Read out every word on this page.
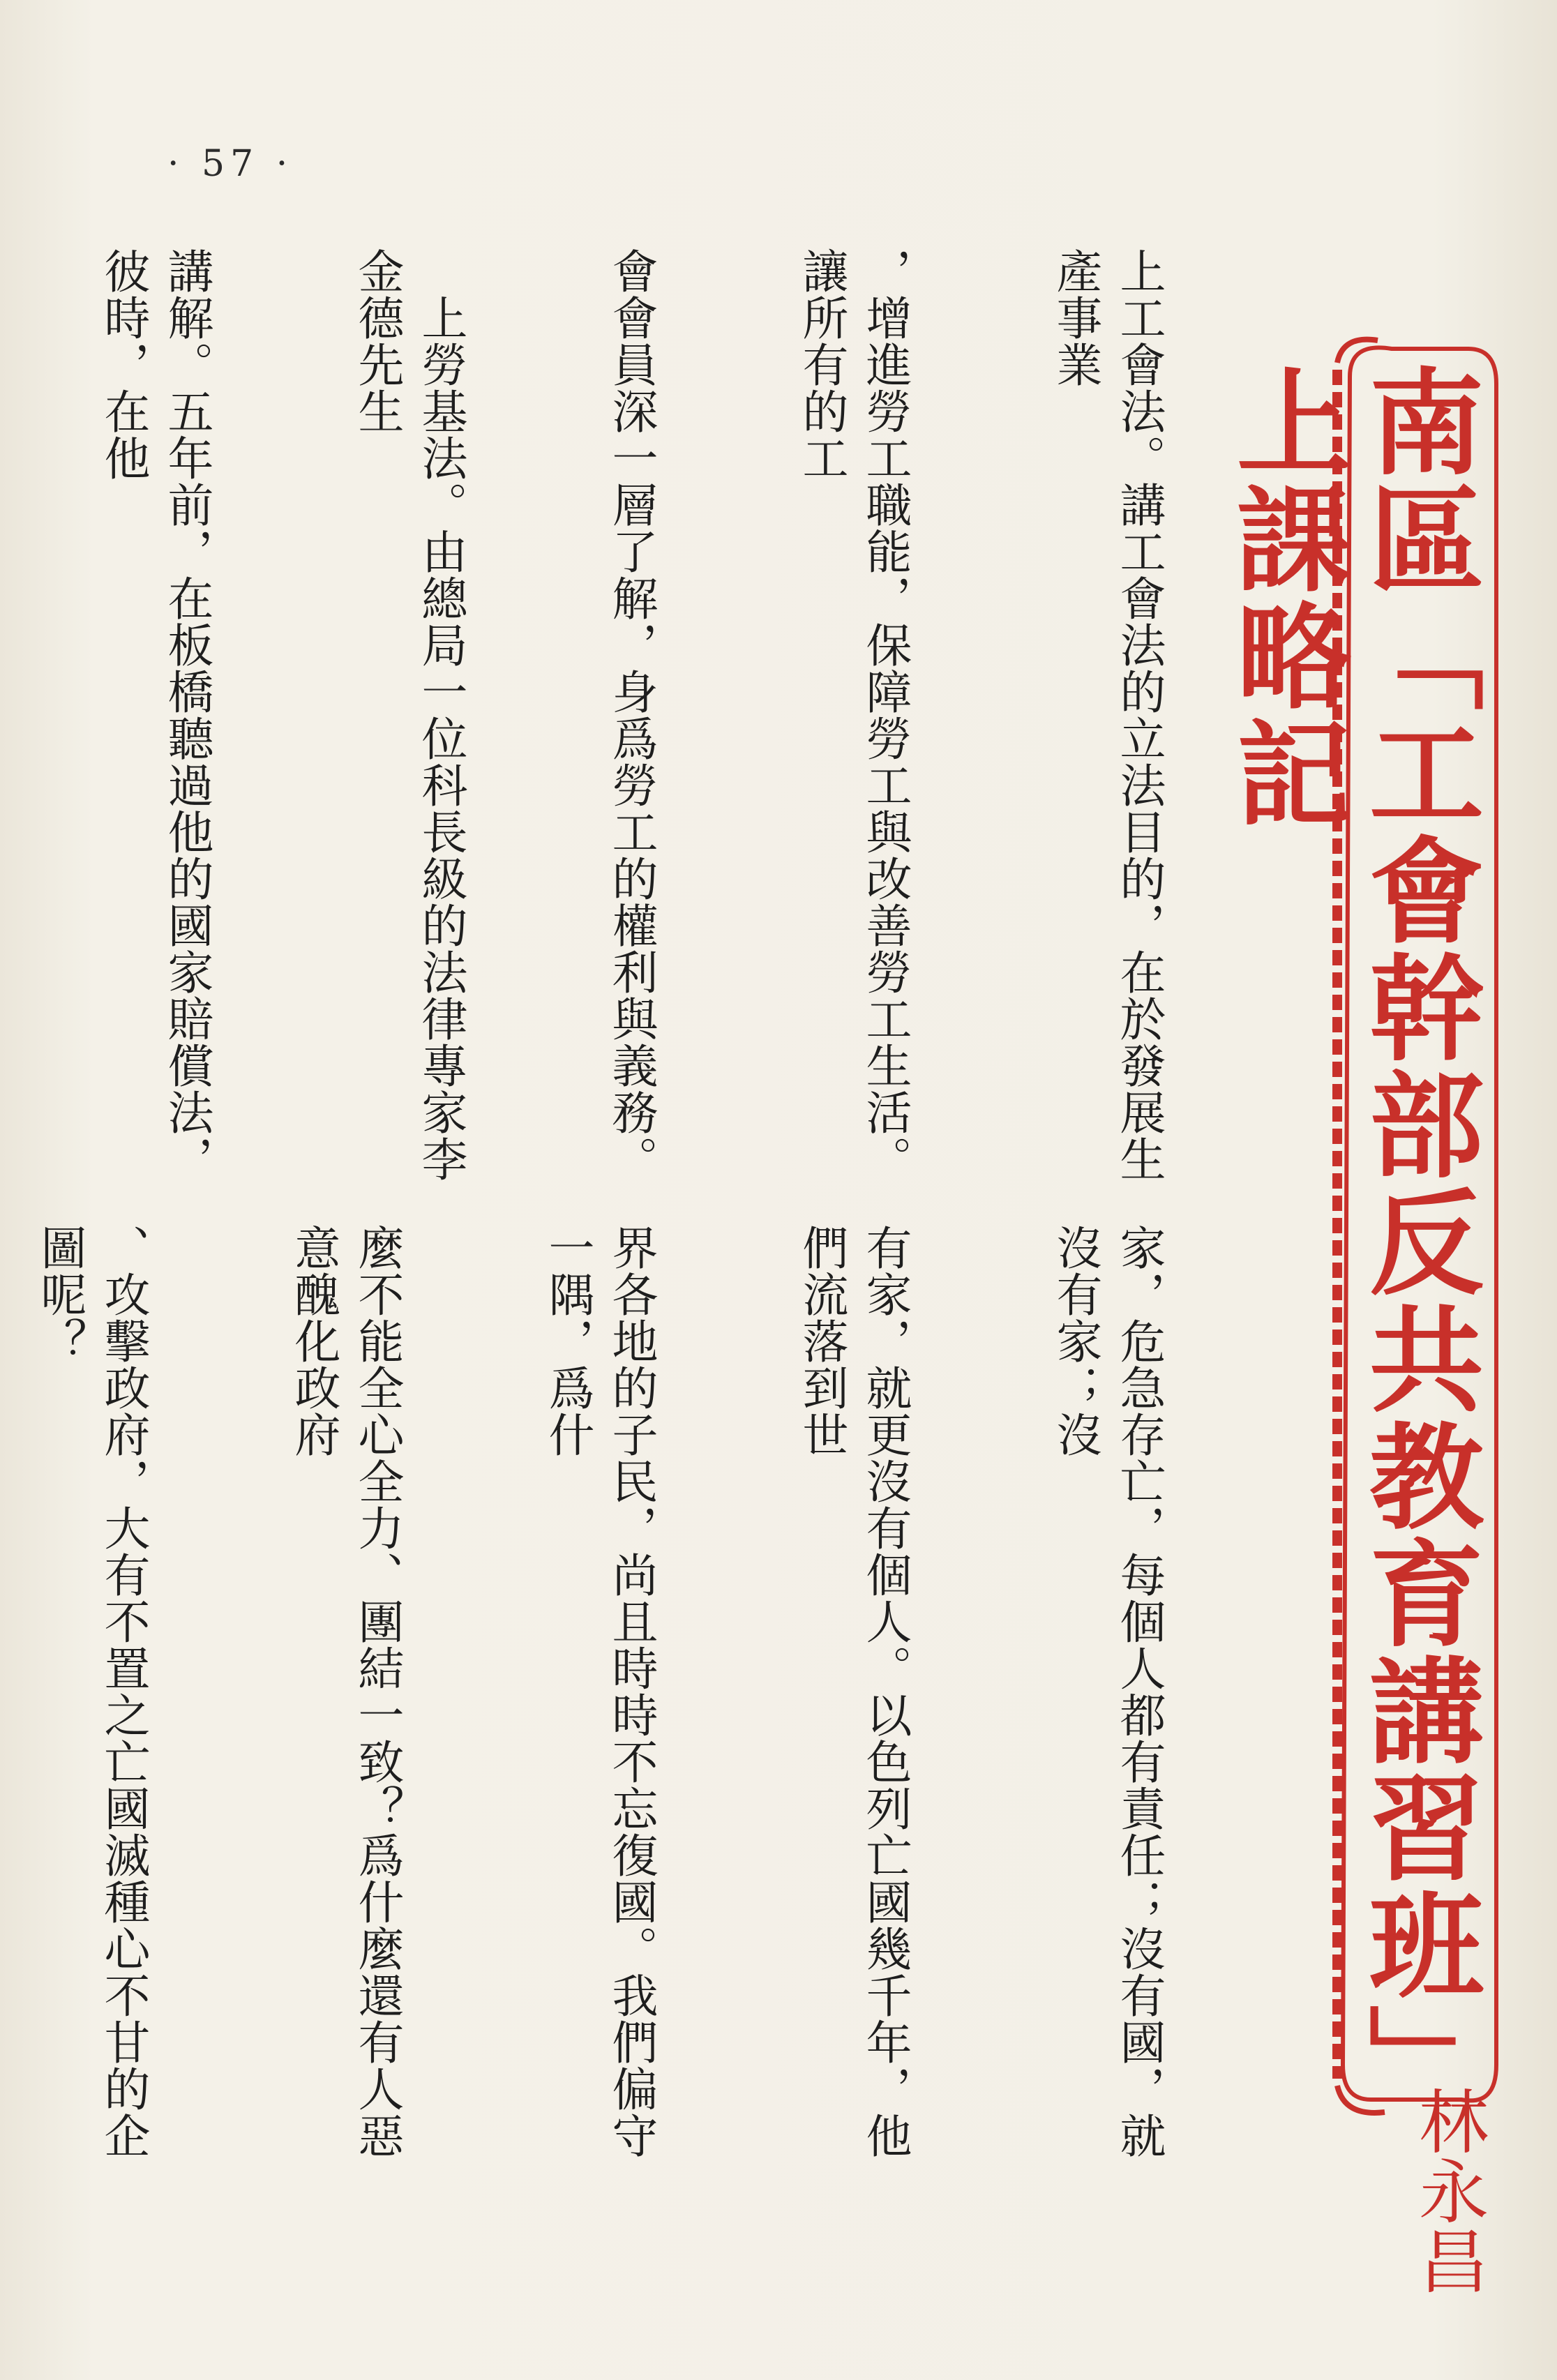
· 57 ·
南區「工會幹部反共教育講習班」上課略記
林永昌

上工會法。講工會法的立法目的，在於發展生產事業

，增進勞工職能，保障勞工與改善勞工生活。讓所有的工

會會員深一層了解，身爲勞工的權利與義務。

　上勞基法。由總局一位科長級的法律專家李金德先生

講解。五年前，在板橋聽過他的國家賠償法，彼時，在他

家，危急存亡，每個人都有責任；沒有國，就沒有家；沒

有家，就更沒有個人。以色列亡國幾千年，他們流落到世

界各地的子民，尚且時時不忘復國。我們偏守一隅，爲什

麼不能全心全力、團結一致？爲什麼還有人惡意醜化政府

、攻擊政府，大有不置之亡國滅種心不甘的企圖呢？
